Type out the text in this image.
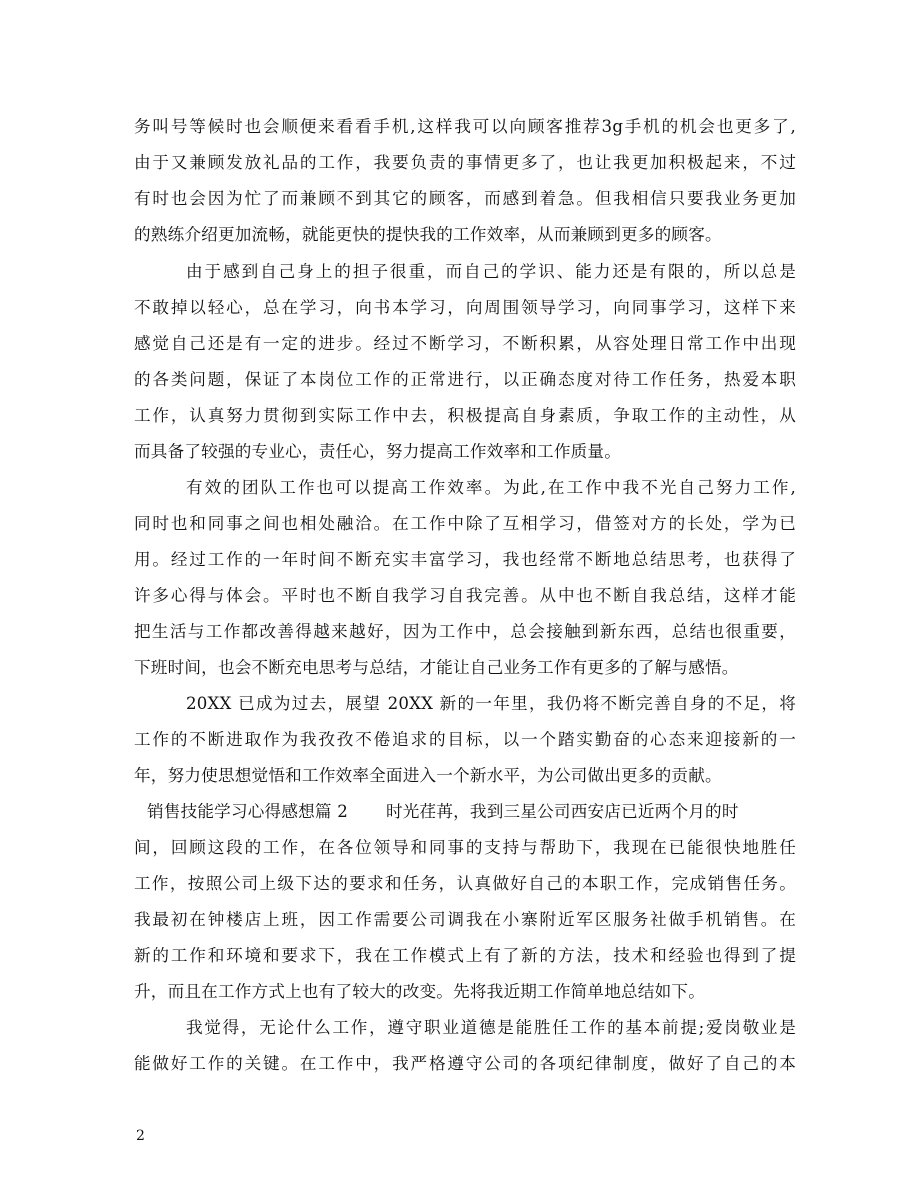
务叫号等候时也会顺便来看看手机,这样我可以向顾客推荐3g手机的机会也更多了,
由于又兼顾发放礼品的工作，我要负责的事情更多了，也让我更加积极起来，不过
有时也会因为忙了而兼顾不到其它的顾客，而感到着急。但我相信只要我业务更加
的熟练介绍更加流畅，就能更快的提快我的工作效率，从而兼顾到更多的顾客。
由于感到自己身上的担子很重，而自己的学识、能力还是有限的，所以总是
不敢掉以轻心，总在学习，向书本学习，向周围领导学习，向同事学习，这样下来
感觉自己还是有一定的进步。经过不断学习，不断积累，从容处理日常工作中出现
的各类问题，保证了本岗位工作的正常进行，以正确态度对待工作任务，热爱本职
工作，认真努力贯彻到实际工作中去，积极提高自身素质，争取工作的主动性，从
而具备了较强的专业心，责任心，努力提高工作效率和工作质量。
有效的团队工作也可以提高工作效率。为此,在工作中我不光自己努力工作,
同时也和同事之间也相处融洽。在工作中除了互相学习，借签对方的长处，学为已
用。经过工作的一年时间不断充实丰富学习，我也经常不断地总结思考，也获得了
许多心得与体会。平时也不断自我学习自我完善。从中也不断自我总结，这样才能
把生活与工作都改善得越来越好，因为工作中，总会接触到新东西，总结也很重要，
下班时间，也会不断充电思考与总结，才能让自己业务工作有更多的了解与感悟。
20XX 已成为过去，展望 20XX 新的一年里，我仍将不断完善自身的不足，将
工作的不断进取作为我孜孜不倦追求的目标，以一个踏实勤奋的心态来迎接新的一
年，努力使思想觉悟和工作效率全面进入一个新水平，为公司做出更多的贡献。
销售技能学习心得感想篇 2 时光荏苒，我到三星公司西安店已近两个月的时
间，回顾这段的工作，在各位领导和同事的支持与帮助下，我现在已能很快地胜任
工作，按照公司上级下达的要求和任务，认真做好自己的本职工作，完成销售任务。
我最初在钟楼店上班，因工作需要公司调我在小寨附近军区服务社做手机销售。在
新的工作和环境和要求下，我在工作模式上有了新的方法，技术和经验也得到了提
升，而且在工作方式上也有了较大的改变。先将我近期工作简单地总结如下。
我觉得，无论什么工作，遵守职业道德是能胜任工作的基本前提;爱岗敬业是
能做好工作的关键。在工作中，我严格遵守公司的各项纪律制度，做好了自己的本
2
